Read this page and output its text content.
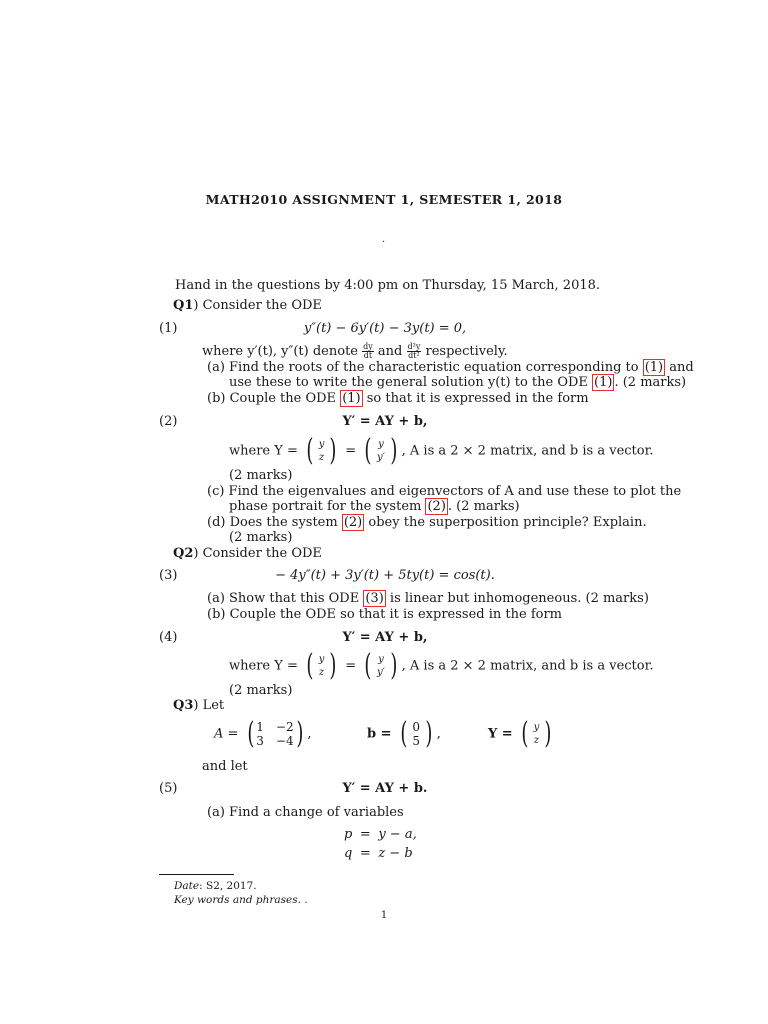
MATH2010 ASSIGNMENT 1, SEMESTER 1, 2018
.
Hand in the questions by 4:00 pm on Thursday, 15 March, 2018.
Q1) Consider the ODE
(1)	y″(t) − 6y′(t) − 3y(t) = 0,
where y′(t), y″(t) denote $\frac{dy}{dt}$ and $\frac{\text{d²y}}{\text{dt²}}$ respectively.
(a) Find the roots of the characteristic equation corresponding to (1) and
use these to write the general solution y(t) to the ODE (1) . (2 marks)
(b) Couple the ODE (1) so that it is expressed in the form
(2)	Y′ = AY + b,
where Y = ( y
z ) = ( y
y′ ) , A is a 2 × 2 matrix, and b is a vector.
(2 marks)
(c) Find the eigenvalues and eigenvectors of A and use these to plot the
phase portrait for the system (2) . (2 marks)
(d) Does the system (2) obey the superposition principle? Explain.
(2 marks)
Q2) Consider the ODE
(3)	− 4y″(t) + 3y′(t) + 5ty(t) = cos(t).
(a) Show that this ODE (3) is linear but inhomogeneous. (2 marks)
(b) Couple the ODE so that it is expressed in the form
(4)	Y′ = AY + b,
where Y = ( y
z ) = ( y
y′ ) , A is a 2 × 2 matrix, and b is a vector.
(2 marks)
Q3) Let
A = ( 1 −2
3 −4 ) ,	b = ( 0
5 ) ,	Y = ( y
z )
and let
(5)	Y′ = AY + b.
(a) Find a change of variables
p = y − a,
q = z − b
Date: S2, 2017.
Key words and phrases. .
1
